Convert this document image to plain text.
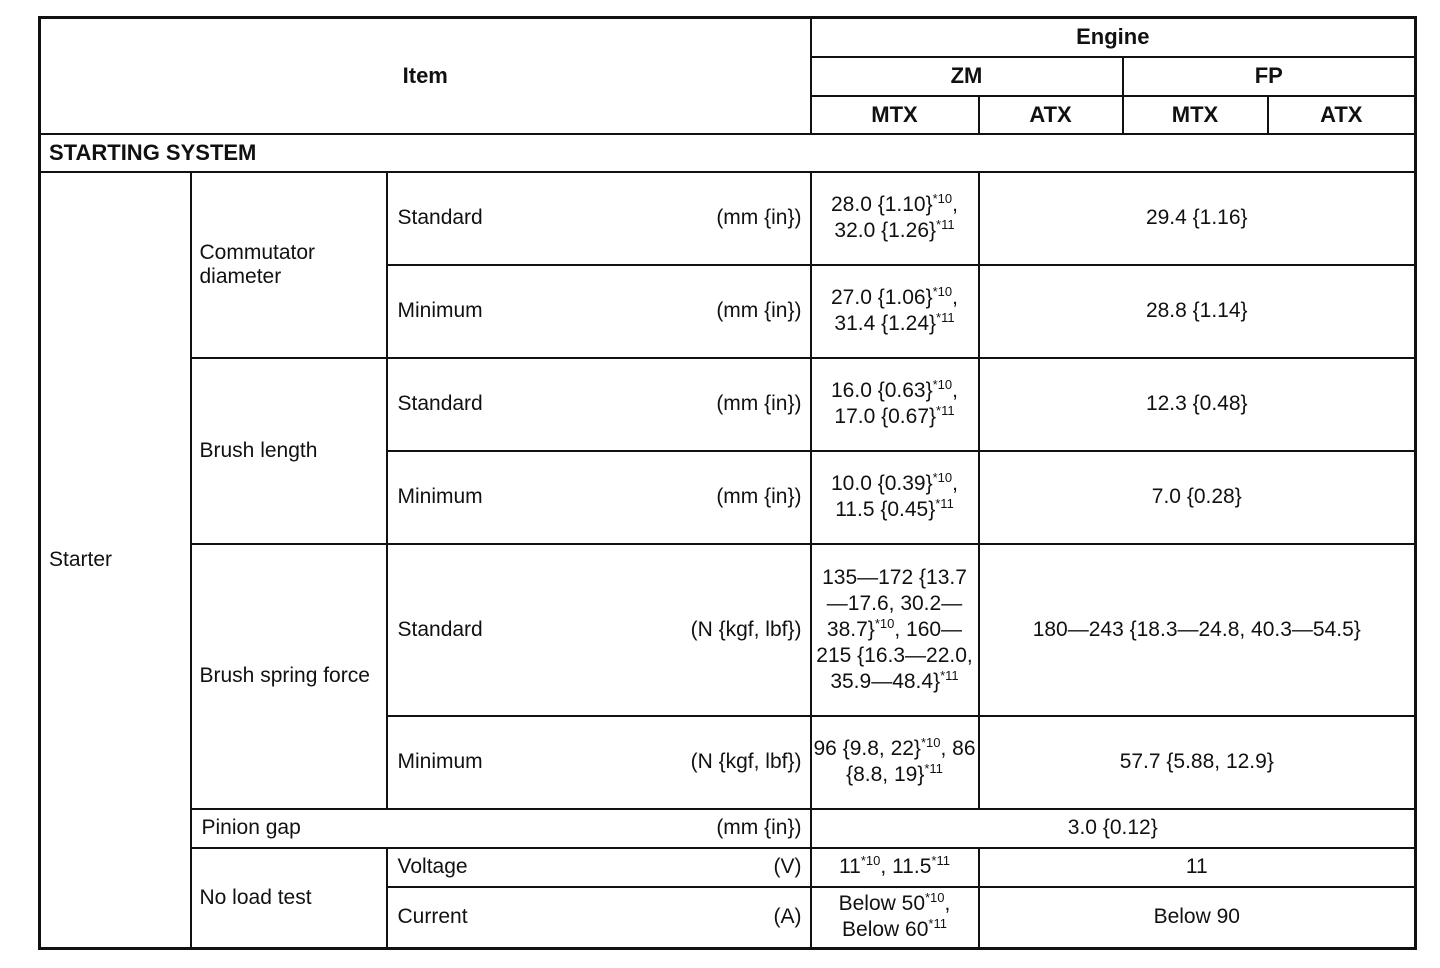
Item			Engine			
			ZM		FP	
			MTX	ATX	MTX	ATX
STARTING SYSTEM						
Starter	Commutator diameter	Standard (mm {in})	28.0 $\{1.10\}^{*10}$,
32.0 $\{1.26\}^{*11}$	29.4 {1.16}		

		Minimum (mm {in})	27.0 $\{1.06\}^{*10}$,
31.4 $\{1.24\}^{*11}$	28.8 {1.14}		
	Brush length	Standard (mm {in})	16.0 $\{0.63\}^{*10}$,
17.0 $\{0.67\}^{*11}$	12.3 {0.48}		

		Minimum (mm {in})	10.0 $\{0.39\}^{*10}$,
11.5 $\{0.45\}^{*11}$	7.0 {0.28}		
	Brush spring force	Standard (N {kgf, lbf})	135—172 {13.7—17.6, 30.2—38.7}$^{*10}$, 160—215 {16.3—22.0, 35.9—48.4}$^{*11}$	180—243 {18.3—24.8, 40.3—54.5}		

		Minimum (N {kgf, lbf})	96 {9.8, 22}$^{*10}$, 86 {8.8, 19}$^{*11}$	57.7 {5.88, 12.9}		

	Pinion gap (mm {in})		3.0 {0.12}			
	No load test	Voltage (V)	11$^{*10}$, 11.5$^{*11}$	11		

		Current (A)	Below 50$^{*10}$,
Below 60$^{*11}$	Below 90		
